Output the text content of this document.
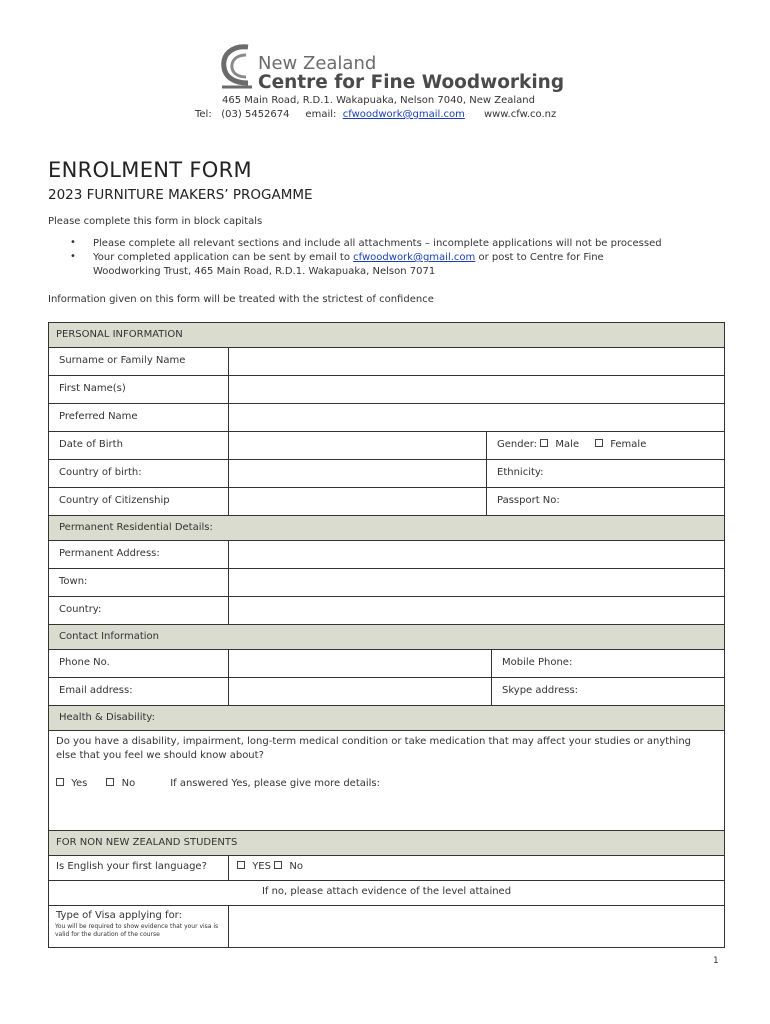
New Zealand
Centre for Fine Woodworking
465 Main Road, R.D.1. Wakapuaka, Nelson 7040, New Zealand
Tel: (03) 5452674 email: cfwoodwork@gmail.com www.cfw.co.nz
ENROLMENT FORM
2023 FURNITURE MAKERS’ PROGAMME
Please complete this form in block capitals
• Please complete all relevant sections and include all attachments – incomplete applications will not be processed
• Your completed application can be sent by email to cfwoodwork@gmail.com or post to Centre for Fine Woodworking Trust, 465 Main Road, R.D.1. Wakapuaka, Nelson 7071
Information given on this form will be treated with the strictest of confidence
PERSONAL INFORMATION
Surname or Family Name
First Name(s)
Preferred Name
Date of Birth	Gender: Male	Female
Country of birth:	Ethnicity:
Country of Citizenship	Passport No:
Permanent Residential Details:
Permanent Address:
Town:
Country:
Contact Information
Phone No.	Mobile Phone:
Email address:	Skype address:
Health & Disability:
Do you have a disability, impairment, long-term medical condition or take medication that may affect your studies or anything else that you feel we should know about?
Yes	No	If answered Yes, please give more details:
FOR NON NEW ZEALAND STUDENTS
Is English your first language?	YES No
If no, please attach evidence of the level attained
Type of Visa applying for:
You will be required to show evidence that your visa is valid for the duration of the course
1
